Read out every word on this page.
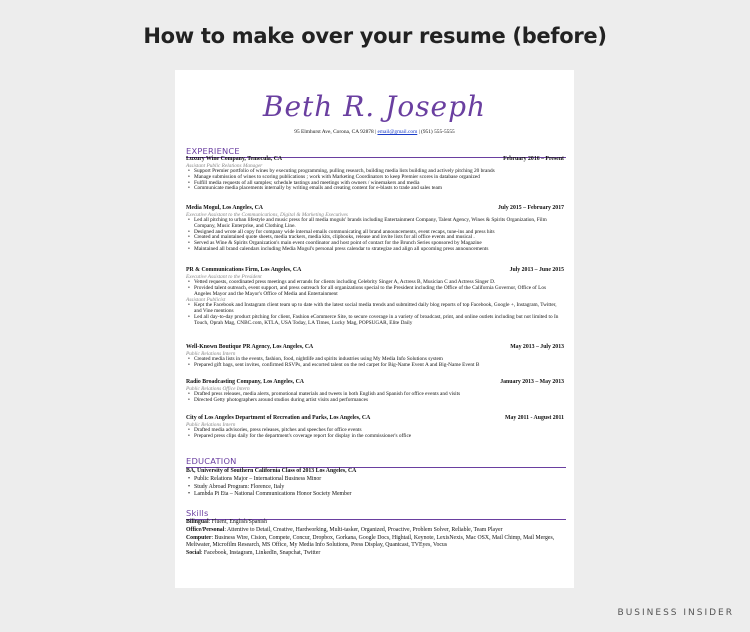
How to make over your resume (before)
Beth R. Joseph
95 Elmhurst Ave, Corona, CA 92878 | email@gmail.com | (951) 555-5555
EXPERIENCE
Luxury Wine Company, Temecula, CA	February 2016 – Present
Assistant Public Relations Manager
• Support Premier portfolio of wines by executing programming, pulling research, building media lists building and actively pitching 20 brands
• Manage submission of wines to scoring publications ; work with Marketing Coordinators to keep Premier scores in database organized
• Fulfill media requests of all samples; schedule tastings and meetings with owners / winemakers and media
• Communicate media placements internally by writing emails and creating content for e-blasts to trade and sales team
Media Mogul, Los Angeles, CA	July 2015 – February 2017
Executive Assistant to the Communications, Digital & Marketing Executives
• Led all pitching to urban lifestyle and music press for all media moguls' brands including Entertainment Company, Talent Agency, Wines & Spirits Organization, Film Company, Music Enterprise, and Clothing Line.
• Designed and wrote all copy for company wide internal emails communicating all brand announcements, event recaps, tune-ins and press hits
• Created and maintained quote sheets, media trackers, media kits, clipbooks, release and invite lists for all office events and musical .
• Served as Wine & Spirits Organization's main event coordinator and host point of contact for the Brunch Series sponsored by Magazine
• Maintained all brand calendars including Media Mogul's personal press calendar to strategize and align all upcoming press announcements
PR & Communications Firm, Los Angeles, CA	July 2013 – June 2015
Executive Assistant to the President
• Vetted requests, coordinated press meetings and errands for clients including Celebrity Singer A, Actress B, Musician C and Actress Singer D.
• Provided talent outreach, event support, and press outreach for all organizations special to the President including the Office of the California Governor, Office of Los Angeles Mayor and the Mayor's Office of Media and Entertainment
Assistant Publicist
• Kept the Facebook and Instagram client team up to date with the latest social media trends and submitted daily blog reports of top Facebook, Google +, Instagram, Twitter, and Vine mentions
• Led all day-to-day product pitching for client, Fashion eCommerce Site, to secure coverage in a variety of broadcast, print, and online outlets including but not limited to In Touch, Oprah Mag, CNBC.com, KTLA, USA Today, LA Times, Lucky Mag, POPSUGAR, Elite Daily
Well-Known Boutique PR Agency, Los Angeles, CA	May 2013 – July 2013
Public Relations Intern
• Created media lists in the events, fashion, food, nightlife and spirits industries using My Media Info Solutions system
• Prepared gift bags, sent invites, confirmed RSVPs, and escorted talent on the red carpet for Big-Name Event A and Big-Name Event B
Radio Broadcasting Company, Los Angeles, CA	January 2013 – May 2013
Public Relations Office Intern
• Drafted press releases, media alerts, promotional materials and tweets in both English and Spanish for office events and visits
• Directed Getty photographers around studios during artist visits and performances
City of Los Angeles Department of Recreation and Parks, Los Angeles, CA	May 2011 - August 2011
Public Relations Intern
• Drafted media advisories, press releases, pitches and speeches for office events
• Prepared press clips daily for the department's coverage report for display in the commissioner's office
EDUCATION
BA, University of Southern California Class of 2013 Los Angeles, CA
• Public Relations Major – International Business Minor
• Study Abroad Program: Florence, Italy
• Lambda Pi Eta – National Communications Honor Society Member
Skills
Bilingual: Fluent, English/Spanish
Office/Personal: Attentive to Detail, Creative, Hardworking, Multi-tasker, Organized, Proactive, Problem Solver, Reliable, Team Player
Computer: Business Wire, Cision, Compete, Concur, Dropbox, Gorkana, Google Docs, Hightail, Keynote, LexisNexis, Mac OSX, Mail Chimp, Mail Merges, Meltwater, Microfilm Research, MS Office, My Media Info Solutions, Press Display, Quantcast, TVEyes, Vocus
Social: Facebook, Instagram, LinkedIn, Snapchat, Twitter
BUSINESS INSIDER
